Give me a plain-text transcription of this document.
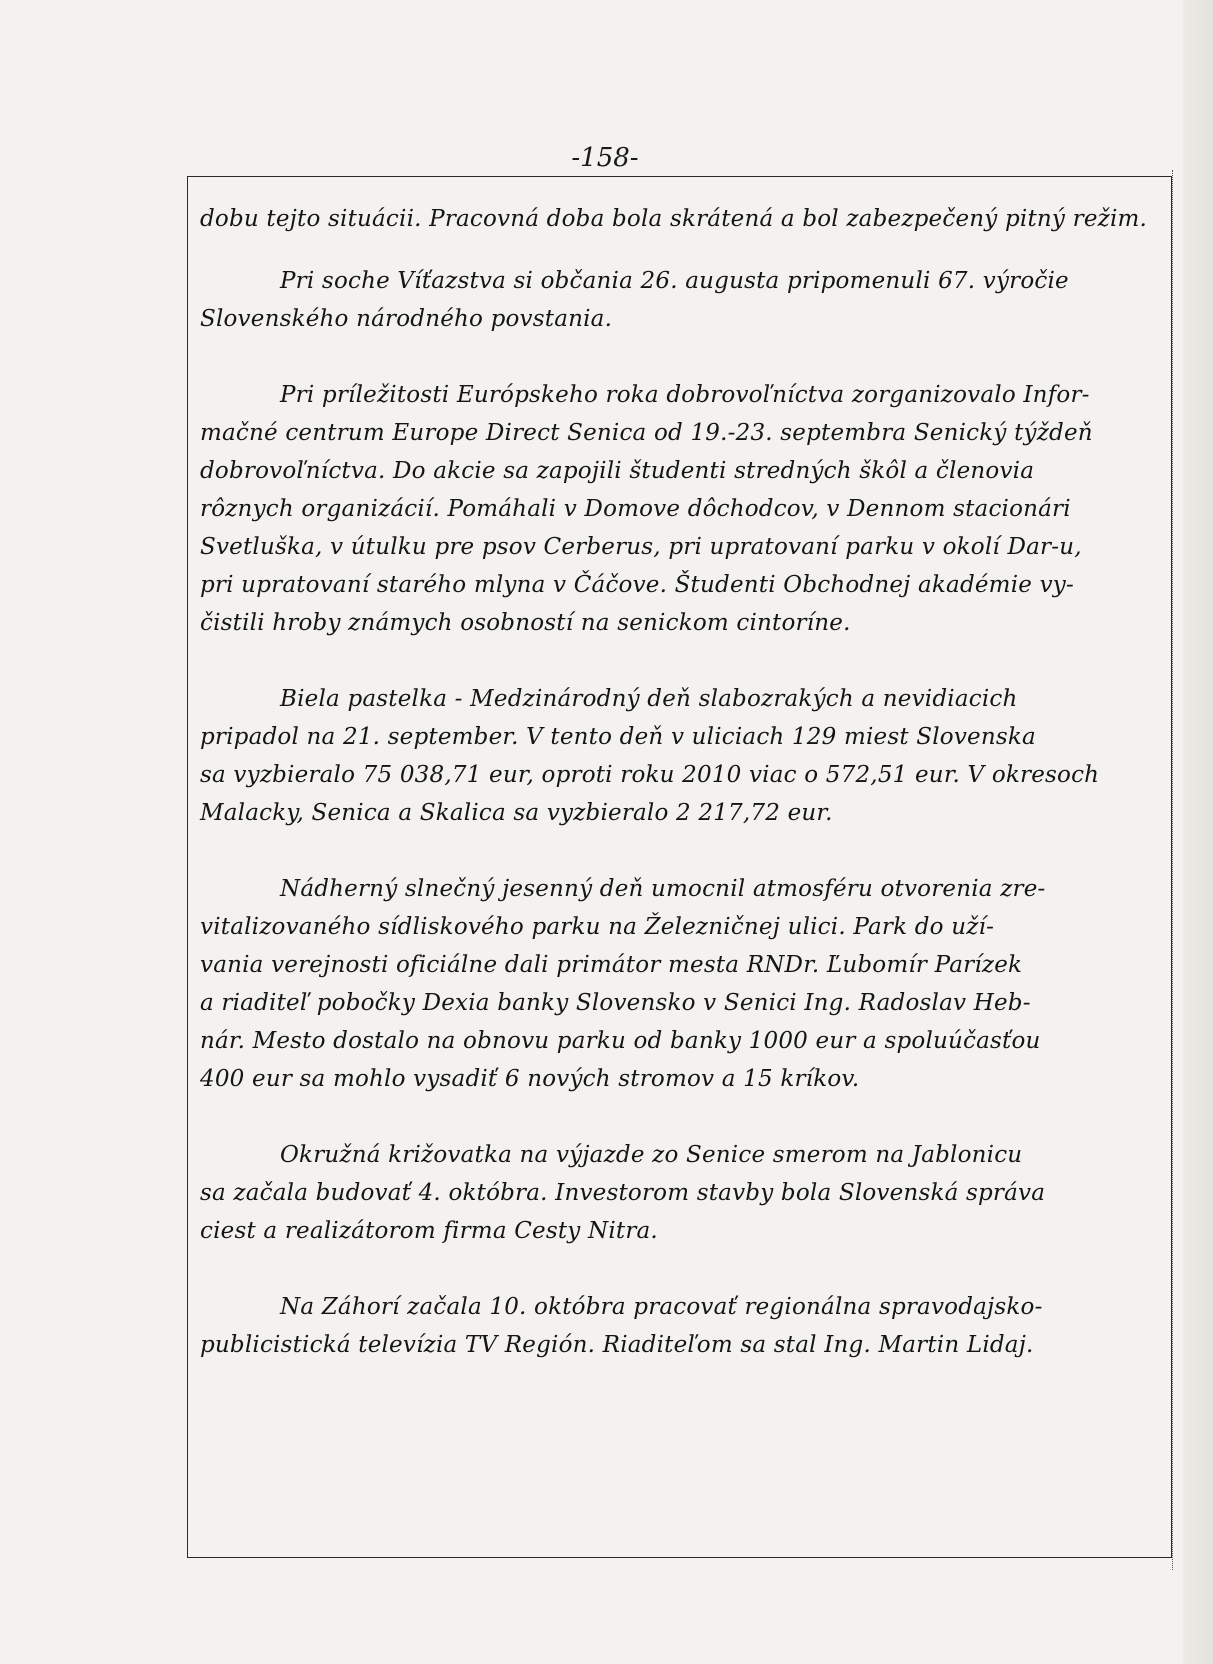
-158-
dobu tejto situácii. Pracovná doba bola skrátená a bol zabezpečený pitný režim.
Pri soche Víťazstva si občania 26. augusta pripomenuli 67. výročie
Slovenského národného povstania.
Pri príležitosti Európskeho roka dobrovoľníctva zorganizovalo Infor-
mačné centrum Europe Direct Senica od 19.-23. septembra Senický týždeň
dobrovoľníctva. Do akcie sa zapojili študenti stredných škôl a členovia
rôznych organizácií. Pomáhali v Domove dôchodcov, v Dennom stacionári
Svetluška, v útulku pre psov Cerberus, pri upratovaní parku v okolí Dar-u,
pri upratovaní starého mlyna v Čáčove. Študenti Obchodnej akadémie vy-
čistili hroby známych osobností na senickom cintoríne.
Biela pastelka - Medzinárodný deň slabozrakých a nevidiacich
pripadol na 21. september. V tento deň v uliciach 129 miest Slovenska
sa vyzbieralo 75 038,71 eur, oproti roku 2010 viac o 572,51 eur. V okresoch
Malacky, Senica a Skalica sa vyzbieralo 2 217,72 eur.
Nádherný slnečný jesenný deň umocnil atmosféru otvorenia zre-
vitalizovaného sídliskového parku na Železničnej ulici. Park do uží-
vania verejnosti oficiálne dali primátor mesta RNDr. Ľubomír Parízek
a riaditeľ pobočky Dexia banky Slovensko v Senici Ing. Radoslav Heb-
nár. Mesto dostalo na obnovu parku od banky 1000 eur a spoluúčasťou
400 eur sa mohlo vysadiť 6 nových stromov a 15 kríkov.
Okružná križovatka na výjazde zo Senice smerom na Jablonicu
sa začala budovať 4. októbra. Investorom stavby bola Slovenská správa
ciest a realizátorom firma Cesty Nitra.
Na Záhorí začala 10. októbra pracovať regionálna spravodajsko-
publicistická televízia TV Región. Riaditeľom sa stal Ing. Martin Lidaj.
